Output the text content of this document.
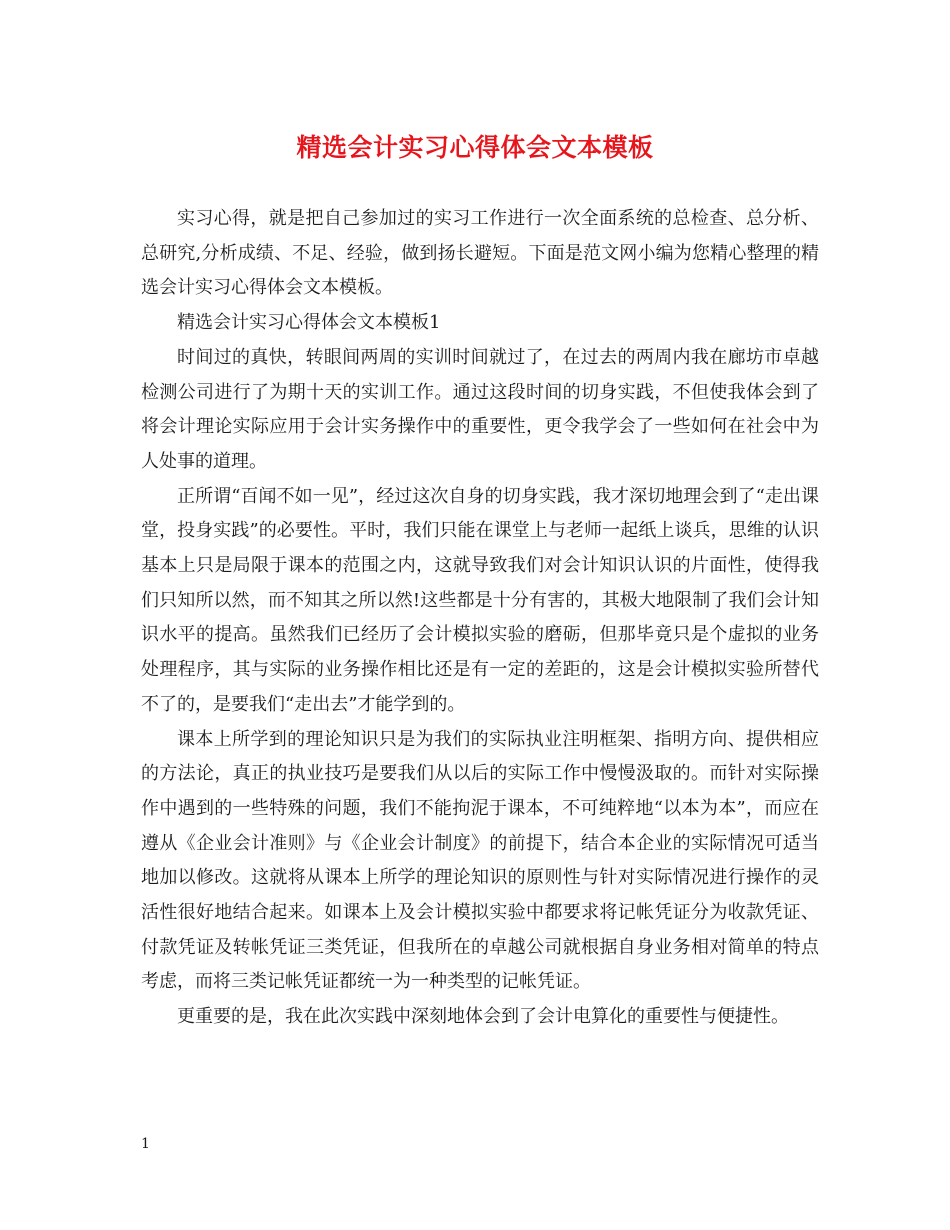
精选会计实习心得体会文本模板

实习心得，就是把自己参加过的实习工作进行一次全面系统的总检查、总分析、总研究,分析成绩、不足、经验，做到扬长避短。下面是范文网小编为您精心整理的精选会计实习心得体会文本模板。

精选会计实习心得体会文本模板1

时间过的真快，转眼间两周的实训时间就过了，在过去的两周内我在廊坊市卓越检测公司进行了为期十天的实训工作。通过这段时间的切身实践，不但使我体会到了将会计理论实际应用于会计实务操作中的重要性，更令我学会了一些如何在社会中为人处事的道理。

正所谓“百闻不如一见”，经过这次自身的切身实践，我才深切地理会到了“走出课堂，投身实践”的必要性。平时，我们只能在课堂上与老师一起纸上谈兵，思维的认识基本上只是局限于课本的范围之内，这就导致我们对会计知识认识的片面性，使得我们只知所以然，而不知其之所以然!这些都是十分有害的，其极大地限制了我们会计知识水平的提高。虽然我们已经历了会计模拟实验的磨砺，但那毕竟只是个虚拟的业务处理程序，其与实际的业务操作相比还是有一定的差距的，这是会计模拟实验所替代不了的，是要我们“走出去”才能学到的。

课本上所学到的理论知识只是为我们的实际执业注明框架、指明方向、提供相应的方法论，真正的执业技巧是要我们从以后的实际工作中慢慢汲取的。而针对实际操作中遇到的一些特殊的问题，我们不能拘泥于课本，不可纯粹地“以本为本”，而应在遵从《企业会计准则》与《企业会计制度》的前提下，结合本企业的实际情况可适当地加以修改。这就将从课本上所学的理论知识的原则性与针对实际情况进行操作的灵活性很好地结合起来。如课本上及会计模拟实验中都要求将记帐凭证分为收款凭证、付款凭证及转帐凭证三类凭证，但我所在的卓越公司就根据自身业务相对简单的特点考虑，而将三类记帐凭证都统一为一种类型的记帐凭证。

更重要的是，我在此次实践中深刻地体会到了会计电算化的重要性与便捷性。

1
